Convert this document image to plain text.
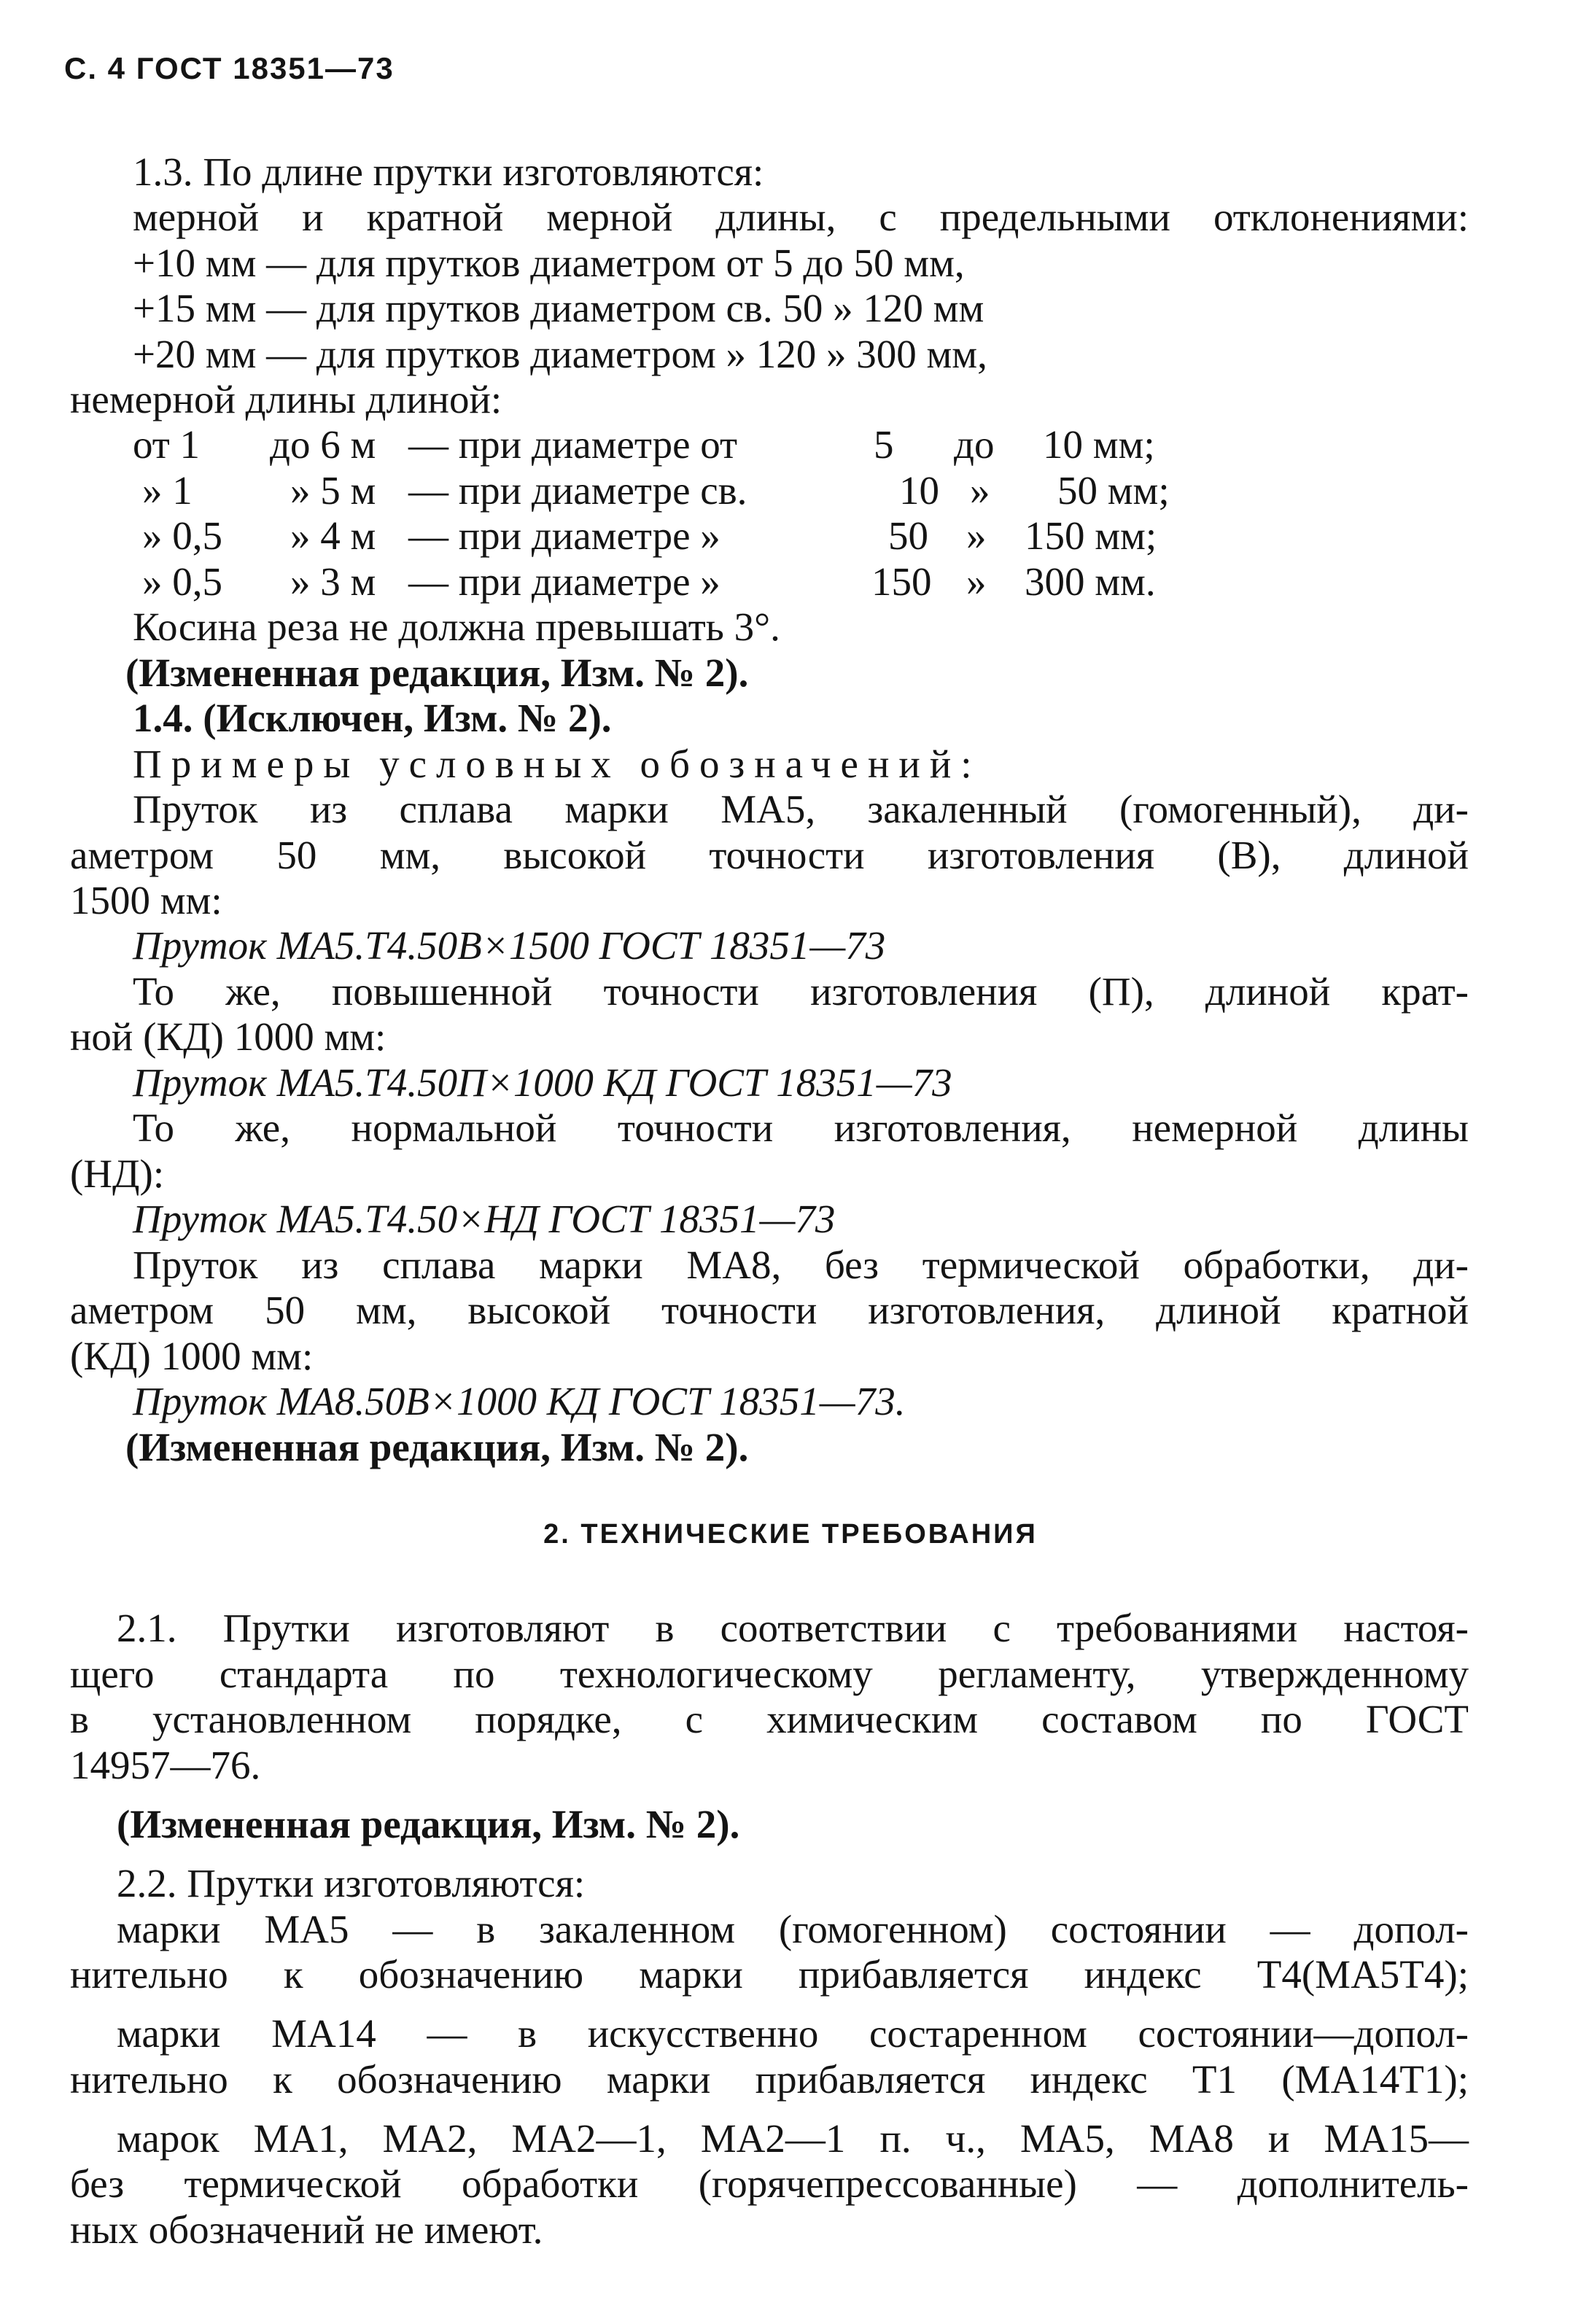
С. 4 ГОСТ 18351—73
1.3. По длине прутки изготовляются:
мерной и кратной мерной длины, с предельными отклонениями:
+10 мм — для прутков диаметром от 5 до 50 мм,
+15 мм — для прутков диаметром св. 50 » 120 мм
+20 мм — для прутков диаметром » 120 » 300 мм,
немерной длины длиной:
от 1 до 6 м — при диаметре от	5 до 10 мм;
» 1 » 5 м — при диаметре св.	10 » 50 мм;
» 0,5 » 4 м — при диаметре »	50 » 150 мм;
» 0,5 » 3 м — при диаметре »	150 » 300 мм.
Косина реза не должна превышать 3°.
(Измененная редакция, Изм. № 2).
1.4. (Исключен, Изм. № 2).
Примеры условных обозначений:
Пруток из сплава марки МА5, закаленный (гомогенный), ди-
аметром 50 мм, высокой точности изготовления (В), длиной
1500 мм:
Пруток МА5.Т4.50В×1500 ГОСТ 18351—73
То же, повышенной точности изготовления (П), длиной крат-
ной (КД) 1000 мм:
Пруток МА5.Т4.50П×1000 КД ГОСТ 18351—73
То же, нормальной точности изготовления, немерной длины
(НД):
Пруток МА5.Т4.50×НД ГОСТ 18351—73
Пруток из сплава марки МА8, без термической обработки, ди-
аметром 50 мм, высокой точности изготовления, длиной кратной
(КД) 1000 мм:
Пруток МА8.50В×1000 КД ГОСТ 18351—73.
(Измененная редакция, Изм. № 2).
2. ТЕХНИЧЕСКИЕ ТРЕБОВАНИЯ
2.1. Прутки изготовляют в соответствии с требованиями настоя-
щего стандарта по технологическому регламенту, утвержденному
в установленном порядке, с химическим составом по ГОСТ
14957—76.
(Измененная редакция, Изм. № 2).
2.2. Прутки изготовляются:
марки МА5 — в закаленном (гомогенном) состоянии — допол-
нительно к обозначению марки прибавляется индекс Т4(МА5Т4);
марки МА14 — в искусственно состаренном состоянии—допол-
нительно к обозначению марки прибавляется индекс Т1 (МА14Т1);
марок МА1, МА2, МА2—1, МА2—1 п. ч., МА5, МА8 и МА15—
без термической обработки (горячепрессованные) — дополнитель-
ных обозначений не имеют.
